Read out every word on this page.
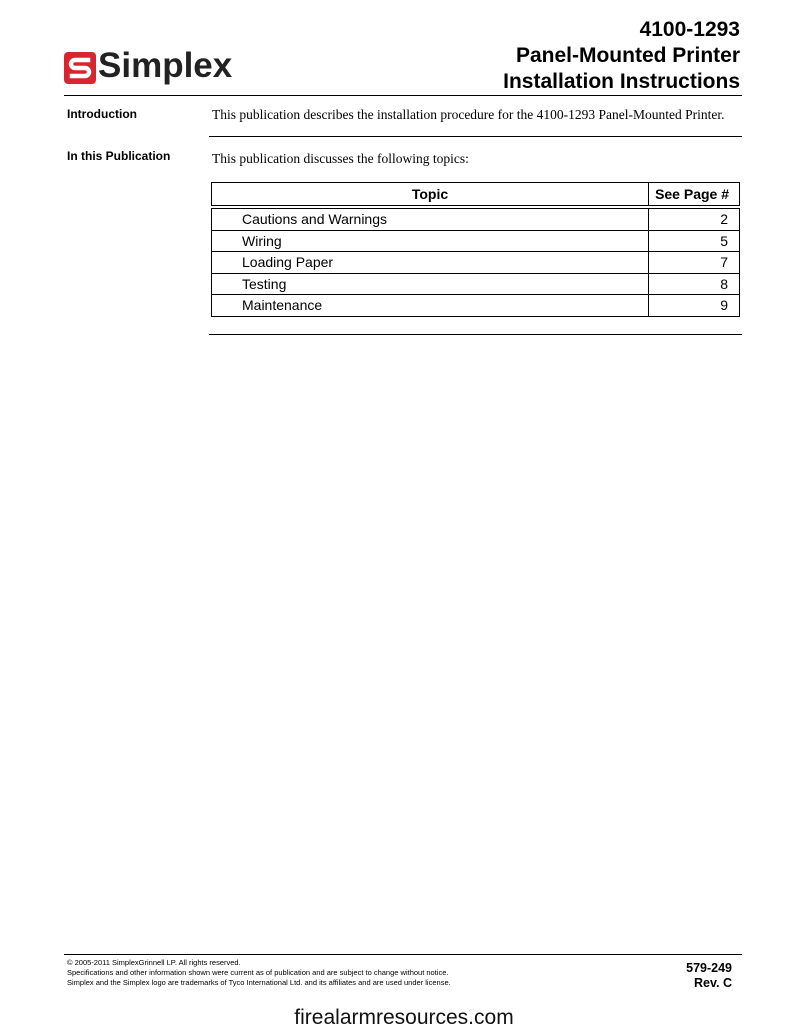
Simplex
4100-1293
Panel-Mounted Printer
Installation Instructions
Introduction	This publication describes the installation procedure for the 4100-1293 Panel-Mounted Printer.
In this Publication	This publication discusses the following topics:
Topic	See Page #
Cautions and Warnings	2
Wiring	5
Loading Paper	7
Testing	8
Maintenance	9
© 2005-2011 SimplexGrinnell LP. All rights reserved.
Specifications and other information shown were current as of publication and are subject to change without notice.
Simplex and the Simplex logo are trademarks of Tyco International Ltd. and its affiliates and are used under license.
579-249
Rev. C
firealarmresources.com
